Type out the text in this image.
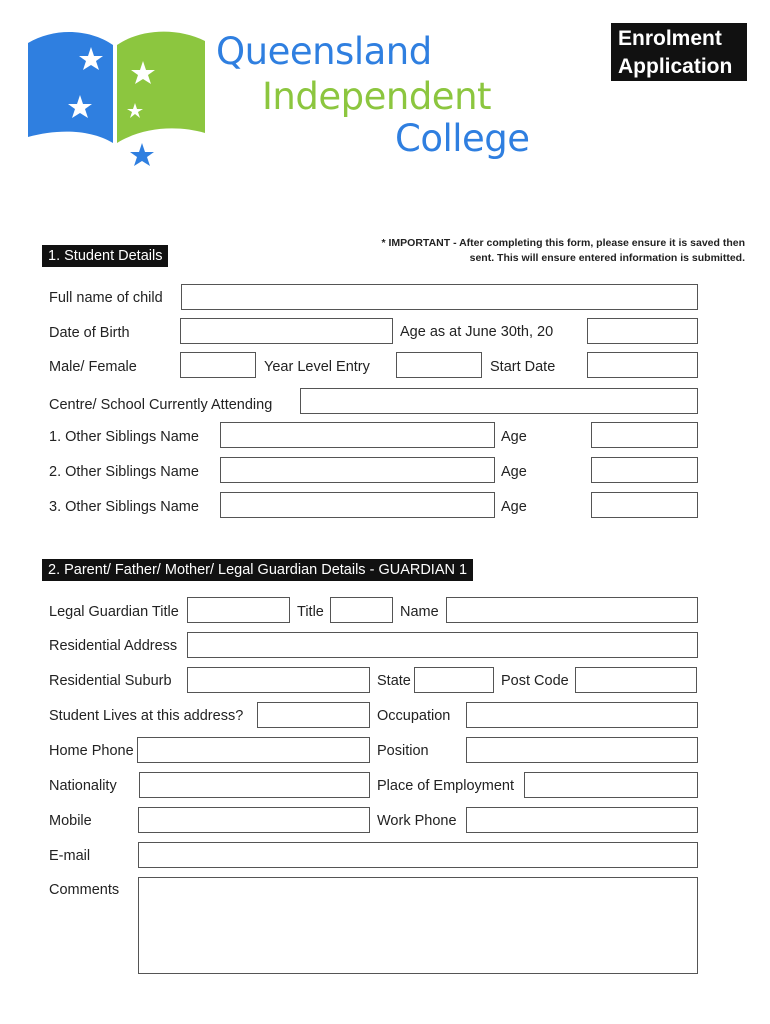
Queensland
Independent
College
Enrolment
Application
* IMPORTANT - After completing this form, please ensure it is saved then sent. This will ensure entered information is submitted.
1. Student Details
Full name of child
Date of Birth	Age as at June 30th, 20
Male/ Female	Year Level Entry	Start Date
Centre/ School Currently Attending
1. Other Siblings Name	Age
2. Other Siblings Name	Age
3. Other Siblings Name	Age
2. Parent/ Father/ Mother/ Legal Guardian Details - GUARDIAN 1
Legal Guardian Title	Title	Name
Residential Address
Residential Suburb	State	Post Code
Student Lives at this address?	Occupation
Home Phone	Position
Nationality	Place of Employment
Mobile	Work Phone
E-mail
Comments
